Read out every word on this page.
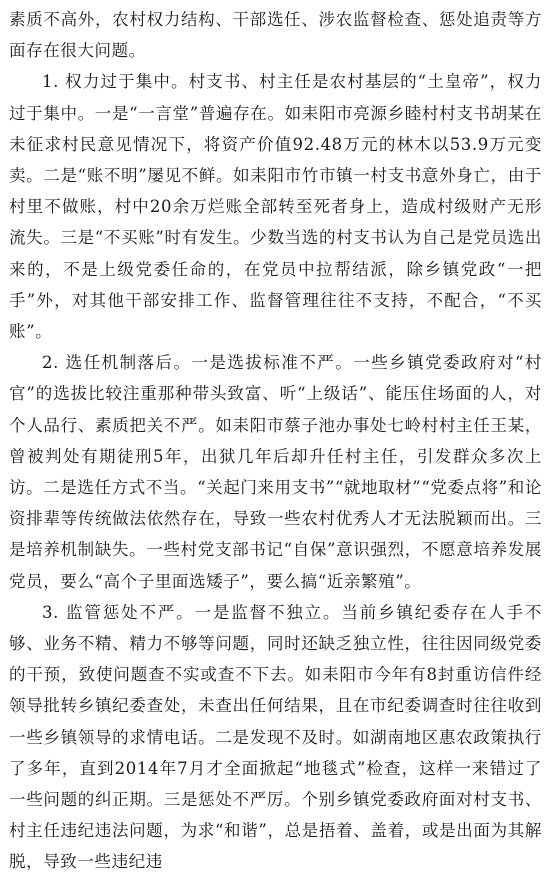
素质不高外，农村权力结构、干部选任、涉农监督检查、惩处追责等方面存在很大问题。

1. 权力过于集中。村支书、村主任是农村基层的“土皇帝”，权力过于集中。一是“一言堂”普遍存在。如耒阳市亮源乡睦村村支书胡某在未征求村民意见情况下，将资产价值92.48万元的林木以53.9万元变卖。二是“账不明”屡见不鲜。如耒阳市竹市镇一村支书意外身亡，由于村里不做账，村中20余万烂账全部转至死者身上，造成村级财产无形流失。三是“不买账”时有发生。少数当选的村支书认为自己是党员选出来的，不是上级党委任命的，在党员中拉帮结派，除乡镇党政“一把手”外，对其他干部安排工作、监督管理往往不支持，不配合，“不买账”。

2. 选任机制落后。一是选拔标准不严。一些乡镇党委政府对“村官”的选拔比较注重那种带头致富、听“上级话”、能压住场面的人，对个人品行、素质把关不严。如耒阳市蔡子池办事处七岭村村主任王某，曾被判处有期徒刑5年，出狱几年后却升任村主任，引发群众多次上访。二是选任方式不当。“关起门来用支书”“就地取材”“党委点将”和论资排辈等传统做法依然存在，导致一些农村优秀人才无法脱颖而出。三是培养机制缺失。一些村党支部书记“自保”意识强烈，不愿意培养发展党员，要么“高个子里面选矮子”，要么搞“近亲繁殖”。

3. 监管惩处不严。一是监督不独立。当前乡镇纪委存在人手不够、业务不精、精力不够等问题，同时还缺乏独立性，往往因同级党委的干预，致使问题查不实或查不下去。如耒阳市今年有8封重访信件经领导批转乡镇纪委查处，未查出任何结果，且在市纪委调查时往往收到一些乡镇领导的求情电话。二是发现不及时。如湖南地区惠农政策执行了多年，直到2014年7月才全面掀起“地毯式”检查，这样一来错过了一些问题的纠正期。三是惩处不严厉。个别乡镇党委政府面对村支书、村主任违纪违法问题，为求“和谐”，总是捂着、盖着，或是出面为其解脱，导致一些违纪违
